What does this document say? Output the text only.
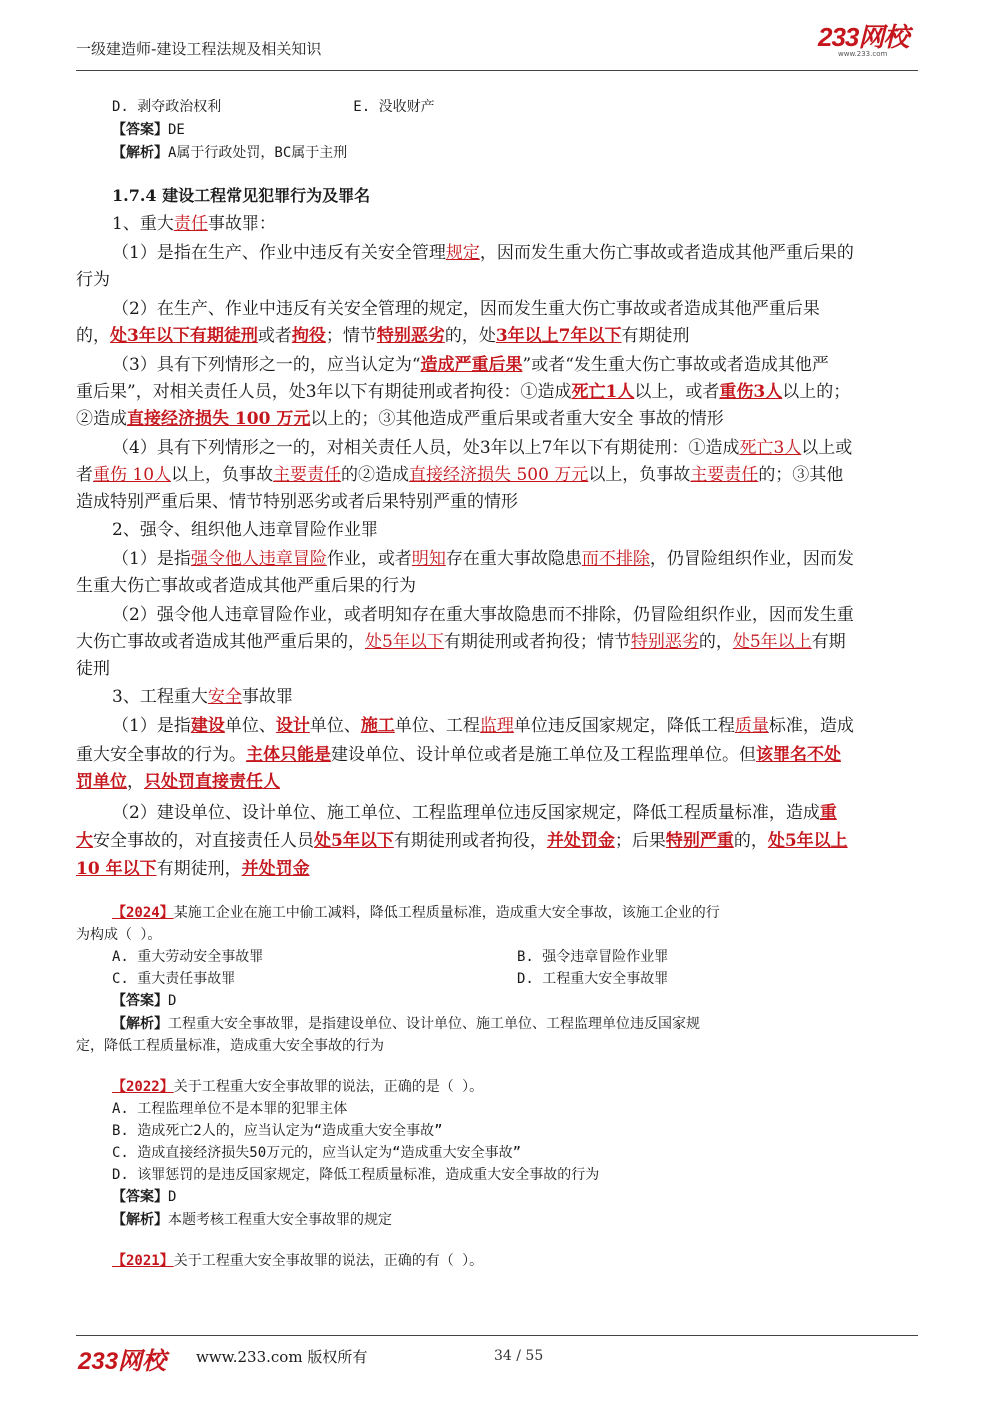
一级建造师-建设工程法规及相关知识	233网校
www.233.com
D. 剥夺政治权利	E. 没收财产
【答案】DE
【解析】A属于行政处罚，BC属于主刑
1.7.4 建设工程常见犯罪行为及罪名
1、重大责任事故罪：
（1）是指在生产、作业中违反有关安全管理规定，因而发生重大伤亡事故或者造成其他严重后果的
行为
（2）在生产、作业中违反有关安全管理的规定，因而发生重大伤亡事故或者造成其他严重后果
的，处3年以下有期徒刑或者拘役；情节特别恶劣的，处3年以上7年以下有期徒刑
（3）具有下列情形之一的，应当认定为“造成严重后果”或者“发生重大伤亡事故或者造成其他严
重后果”，对相关责任人员，处3年以下有期徒刑或者拘役：①造成死亡1人以上，或者重伤3人以上的；
②造成直接经济损失 100 万元以上的；③其他造成严重后果或者重大安全 事故的情形
（4）具有下列情形之一的，对相关责任人员，处3年以上7年以下有期徒刑：①造成死亡3人以上或
者重伤 10人以上，负事故主要责任的②造成直接经济损失 500 万元以上，负事故主要责任的；③其他
造成特别严重后果、情节特别恶劣或者后果特别严重的情形
2、强令、组织他人违章冒险作业罪
（1）是指强令他人违章冒险作业，或者明知存在重大事故隐患而不排除，仍冒险组织作业，因而发
生重大伤亡事故或者造成其他严重后果的行为
（2）强令他人违章冒险作业，或者明知存在重大事故隐患而不排除，仍冒险组织作业，因而发生重
大伤亡事故或者造成其他严重后果的，处5年以下有期徒刑或者拘役；情节特别恶劣的，处5年以上有期
徒刑
3、工程重大安全事故罪
（1）是指建设单位、设计单位、施工单位、工程监理单位违反国家规定，降低工程质量标准，造成
重大安全事故的行为。主体只能是建设单位、设计单位或者是施工单位及工程监理单位。但该罪名不处
罚单位，只处罚直接责任人
（2）建设单位、设计单位、施工单位、工程监理单位违反国家规定，降低工程质量标准，造成重
大安全事故的，对直接责任人员处5年以下有期徒刑或者拘役，并处罚金；后果特别严重的，处5年以上
10 年以下有期徒刑，并处罚金
【2024】某施工企业在施工中偷工减料，降低工程质量标准，造成重大安全事故，该施工企业的行
为构成（ ）。
A. 重大劳动安全事故罪	B. 强令违章冒险作业罪
C. 重大责任事故罪	D. 工程重大安全事故罪
【答案】D
【解析】工程重大安全事故罪，是指建设单位、设计单位、施工单位、工程监理单位违反国家规
定，降低工程质量标准，造成重大安全事故的行为
【2022】关于工程重大安全事故罪的说法，正确的是（ ）。
A. 工程监理单位不是本罪的犯罪主体
B. 造成死亡2人的，应当认定为“造成重大安全事故”
C. 造成直接经济损失50万元的，应当认定为“造成重大安全事故”
D. 该罪惩罚的是违反国家规定，降低工程质量标准，造成重大安全事故的行为
【答案】D
【解析】本题考核工程重大安全事故罪的规定
【2021】关于工程重大安全事故罪的说法，正确的有（ ）。
233网校 www.233.com 版权所有	34 / 55
